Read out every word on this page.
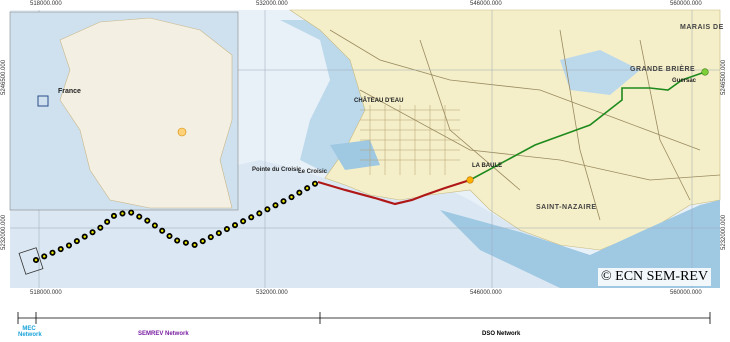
518000.000	532000.000	546000.000	560000.000
518000.000	532000.000	546000.000	560000.000
5246500.000
5232000.000
5246500.000
5232000.000
LA BAULE
Guersac
SAINT-NAZAIRE
GRANDE BRIÈRE
MARAIS DE
CHÂTEAU D'EAU
Pointe du Croisic
Le Croisic
France
© ECN SEM-REV
MEC
Network	SEMREV Network	DSO Network
